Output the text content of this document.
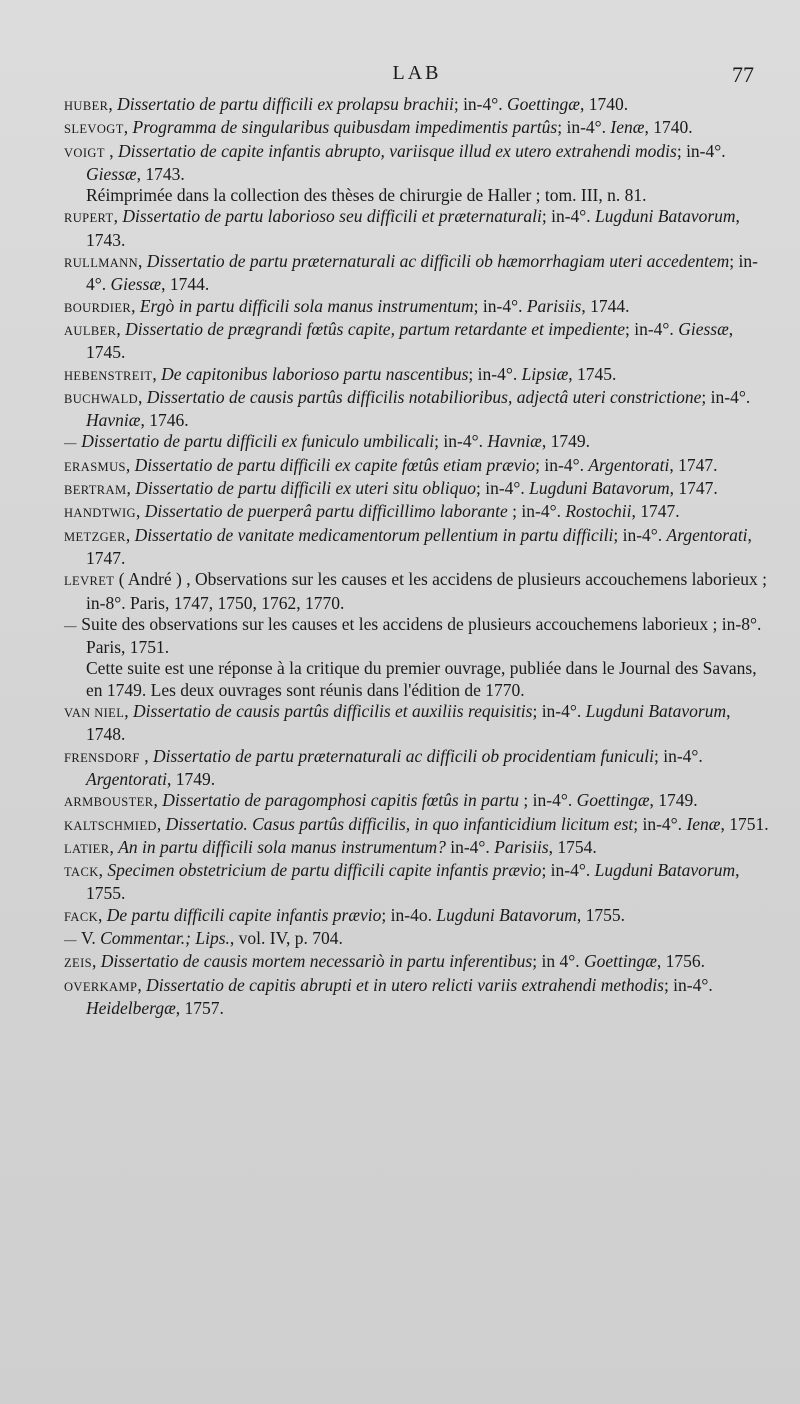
LAB	77

HUBER, Dissertatio de partu difficili ex prolapsu brachii; in-4°. Goettingæ, 1740.

SLEVOGT, Programma de singularibus quibusdam impedimentis partûs; in-4°. Ienæ, 1740.

VOIGT , Dissertatio de capite infantis abrupto, variisque illud ex utero extrahendi modis; in-4°. Giessæ, 1743.

Réimprimée dans la collection des thèses de chirurgie de Haller ; tom. III, n. 81.

RUPERT, Dissertatio de partu laborioso seu difficili et præternaturali; in-4°. Lugduni Batavorum, 1743.

RULLMANN, Dissertatio de partu præternaturali ac difficili ob hæmorrhagiam uteri accedentem; in-4°. Giessæ, 1744.

BOURDIER, Ergò in partu difficili sola manus instrumentum; in-4°. Parisiis, 1744.

AULBER, Dissertatio de prægrandi fœtûs capite, partum retardante et impediente; in-4°. Giessæ, 1745.

HEBENSTREIT, De capitonibus laborioso partu nascentibus; in-4°. Lipsiæ, 1745.

BUCHWALD, Dissertatio de causis partûs difficilis notabilioribus, adjectâ uteri constrictione; in-4°. Havniæ, 1746.

— Dissertatio de partu difficili ex funiculo umbilicali; in-4°. Havniæ, 1749.

ERASMUS, Dissertatio de partu difficili ex capite fœtûs etiam prævio; in-4°. Argentorati, 1747.

BERTRAM, Dissertatio de partu difficili ex uteri situ obliquo; in-4°. Lugduni Batavorum, 1747.

HANDTWIG, Dissertatio de puerperâ partu difficillimo laborante ; in-4°. Rostochii, 1747.

METZGER, Dissertatio de vanitate medicamentorum pellentium in partu difficili; in-4°. Argentorati, 1747.

LEVRET ( André ) , Observations sur les causes et les accidens de plusieurs accouchemens laborieux ; in-8°. Paris, 1747, 1750, 1762, 1770.

— Suite des observations sur les causes et les accidens de plusieurs accouchemens laborieux ; in-8°. Paris, 1751.

Cette suite est une réponse à la critique du premier ouvrage, publiée dans le Journal des Savans, en 1749. Les deux ouvrages sont réunis dans l'édition de 1770.

VAN NIEL, Dissertatio de causis partûs difficilis et auxiliis requisitis; in-4°. Lugduni Batavorum, 1748.

FRENSDORF , Dissertatio de partu præternaturali ac difficili ob procidentiam funiculi; in-4°. Argentorati, 1749.

ARMBOUSTER, Dissertatio de paragomphosi capitis fœtûs in partu ; in-4°. Goettingæ, 1749.

KALTSCHMIED, Dissertatio. Casus partûs difficilis, in quo infanticidium licitum est; in-4°. Ienæ, 1751.

LATIER, An in partu difficili sola manus instrumentum? in-4°. Parisiis, 1754.

TACK, Specimen obstetricium de partu difficili capite infantis prævio; in-4°. Lugduni Batavorum, 1755.

FACK, De partu difficili capite infantis prævio; in-4o. Lugduni Batavorum, 1755.

— V. Commentar.; Lips., vol. IV, p. 704.

ZEIS, Dissertatio de causis mortem necessariò in partu inferentibus; in 4°. Goettingæ, 1756.

OVERKAMP, Dissertatio de capitis abrupti et in utero relicti variis extrahendi methodis; in-4°. Heidelbergæ, 1757.
